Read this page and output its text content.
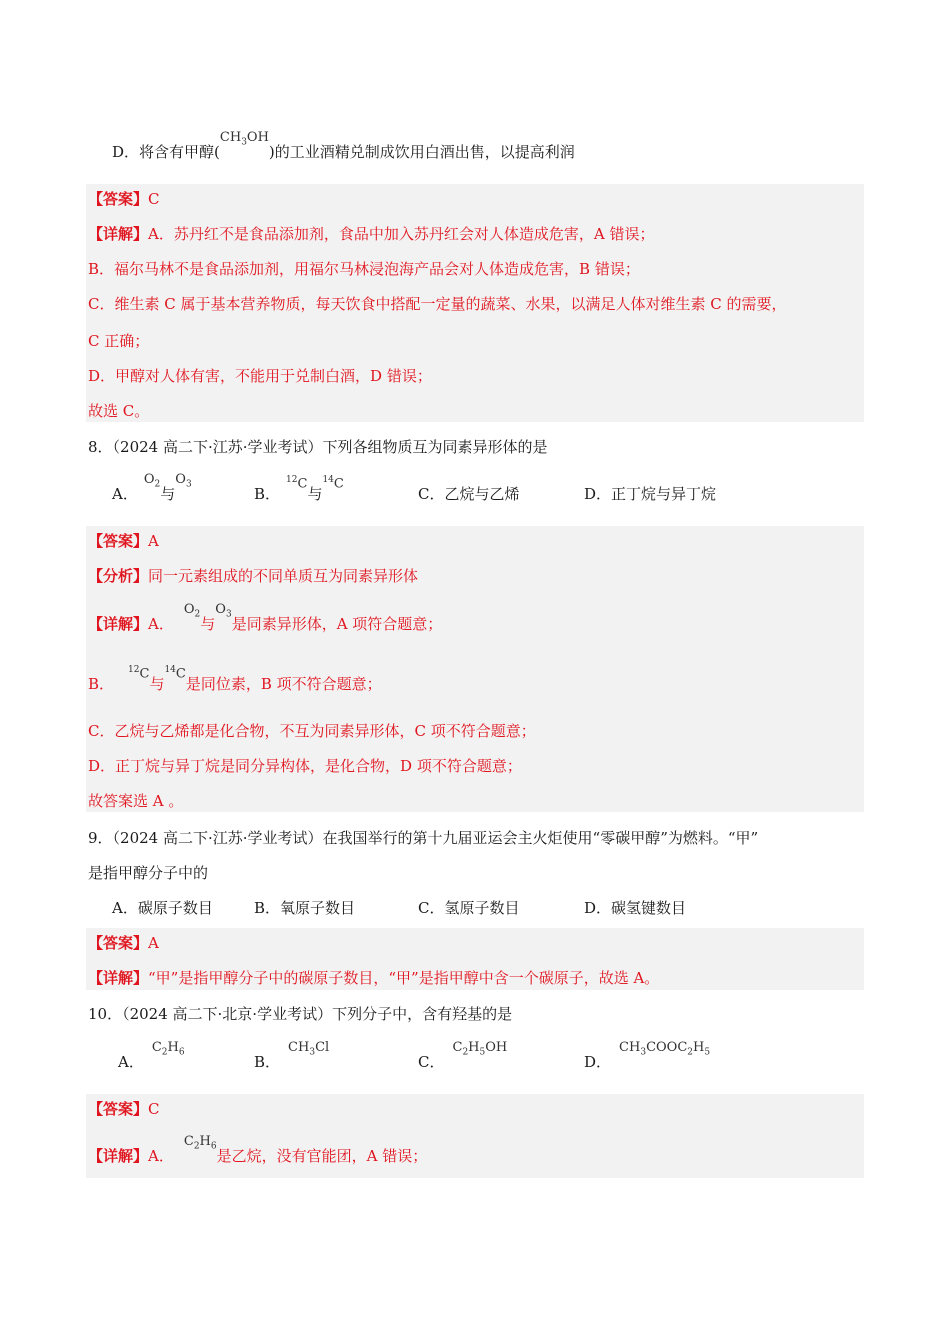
D．将含有甲醇$(CH_3OH)$的工业酒精兑制成饮用白酒出售，以提高利润
【答案】C
【详解】A．苏丹红不是食品添加剂，食品中加入苏丹红会对人体造成危害，A 错误；
B．福尔马林不是食品添加剂，用福尔马林浸泡海产品会对人体造成危害，B 错误；
C．维生素 C 属于基本营养物质，每天饮食中搭配一定量的蔬菜、水果，以满足人体对维生素 C 的需要，
C 正确；
D．甲醇对人体有害，不能用于兑制白酒，D 错误；
故选 C。
8．（2024 高二下·江苏·学业考试）下列各组物质互为同素异形体的是
A．$O_2$与$O_3$
B．$^{12}$C与$^{14}$C
C．乙烷与乙烯	D．正丁烷与异丁烷
【答案】A
【分析】同一元素组成的不同单质互为同素异形体
【详解】A．$O_2$与$O_3$是同素异形体，A 项符合题意；
B．$^{12}$C与$^{14}$C是同位素，B 项不符合题意；
C．乙烷与乙烯都是化合物，不互为同素异形体，C 项不符合题意；
D．正丁烷与异丁烷是同分异构体，是化合物，D 项不符合题意；
故答案选 A 。
9．（2024 高二下·江苏·学业考试）在我国举行的第十九届亚运会主火炬使用“零碳甲醇”为燃料。“甲”
是指甲醇分子中的
A．碳原子数目	B．氧原子数目	C．氢原子数目	D．碳氢键数目
【答案】A
【详解】“甲”是指甲醇分子中的碳原子数目，“甲”是指甲醇中含一个碳原子，故选 A。
10．（2024 高二下·北京·学业考试）下列分子中，含有羟基的是
A．$C_2H_6$
B．$CH_3Cl$
C．$C_2H_5OH$
D．$CH_3COOC_2H_5$
【答案】C
【详解】A．$C_2H_6$是乙烷，没有官能团，A 错误；
